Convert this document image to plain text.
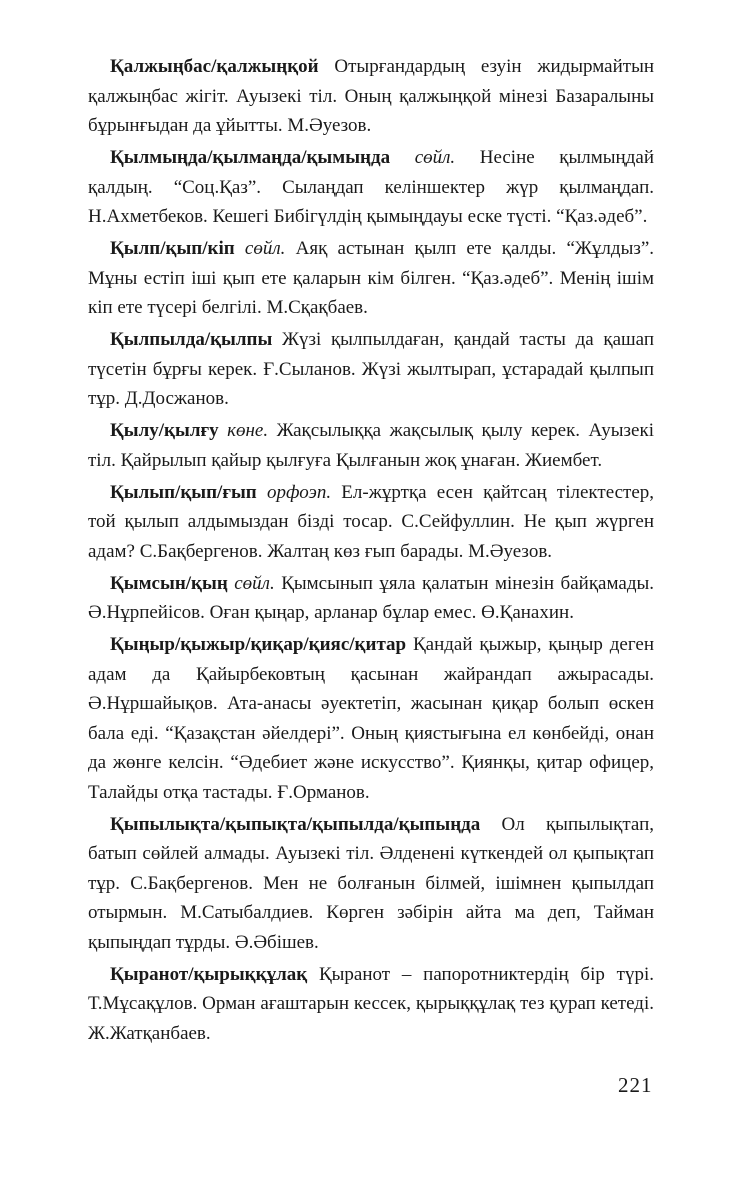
Қалжыңбас/қалжыңқой Отырғандардың езуін жидырмайтын қалжыңбас жігіт. Ауызекі тіл. Оның қалжыңқой мінезі Базаралыны бұрынғыдан да ұйытты. М.Әуезов.

Қылмыңда/қылмаңда/қымыңда сөйл. Несіне қылмыңдай қалдың. “Соц.Қаз”. Сылаңдап келіншектер жүр қылмаңдап. Н.Ахметбеков. Кешегі Бибігүлдің қымыңдауы еске түсті. “Қаз.әдеб”.

Қылп/қып/кіп сөйл. Аяқ астынан қылп ете қалды. “Жұлдыз”. Мұны естіп іші қып ете қаларын кім білген. “Қаз.әдеб”. Менің ішім кіп ете түсері белгілі. М.Сқақбаев.

Қылпылда/қылпы Жүзі қылпылдаған, қандай тасты да қашап түсетін бұрғы керек. Ғ.Сыланов. Жүзі жылтырап, ұстарадай қылпып тұр. Д.Досжанов.

Қылу/қылғу көне. Жақсылыққа жақсылық қылу керек. Ауызекі тіл. Қайрылып қайыр қылғуға Қылғанын жоқ ұнаған. Жиембет.

Қылып/қып/ғып орфоэп. Ел-жұртқа есен қайтсаң тілектестер, той қылып алдымыздан бізді тосар. С.Сейфуллин. Не қып жүрген адам? С.Бақбергенов. Жалтаң көз ғып барады. М.Әуезов.

Қымсын/қың сөйл. Қымсынып ұяла қалатын мінезін байқамады. Ә.Нұрпейісов. Оған қыңар, арланар бұлар емес. Ө.Қанахин.

Қыңыр/қыжыр/қиқар/қияс/қитар Қандай қыжыр, қыңыр деген адам да Қайырбековтың қасынан жайрандап ажырасады. Ә.Нұршайықов. Ата-анасы әуектетіп, жасынан қиқар болып өскен бала еді. “Қазақстан әйелдері”. Оның қиястығына ел көнбейді, онан да жөнге келсін. “Әдебиет және искусство”. Қиянқы, қитар офицер, Талайды отқа тастады. Ғ.Орманов.

Қыпылықта/қыпықта/қыпылда/қыпыңда Ол қыпылықтап, батып сөйлей алмады. Ауызекі тіл. Әлденені күткендей ол қыпықтап тұр. С.Бақбергенов. Мен не болғанын білмей, ішімнен қыпылдап отырмын. М.Сатыбалдиев. Көрген зәбірін айта ма деп, Тайман қыпыңдап тұрды. Ә.Әбішев.

Қыранот/қырыққұлақ Қыранот – папоротниктердің бір түрі. Т.Мұсақұлов. Орман ағаштарын кессек, қырыққұлақ тез қурап кетеді. Ж.Жатқанбаев.

221
